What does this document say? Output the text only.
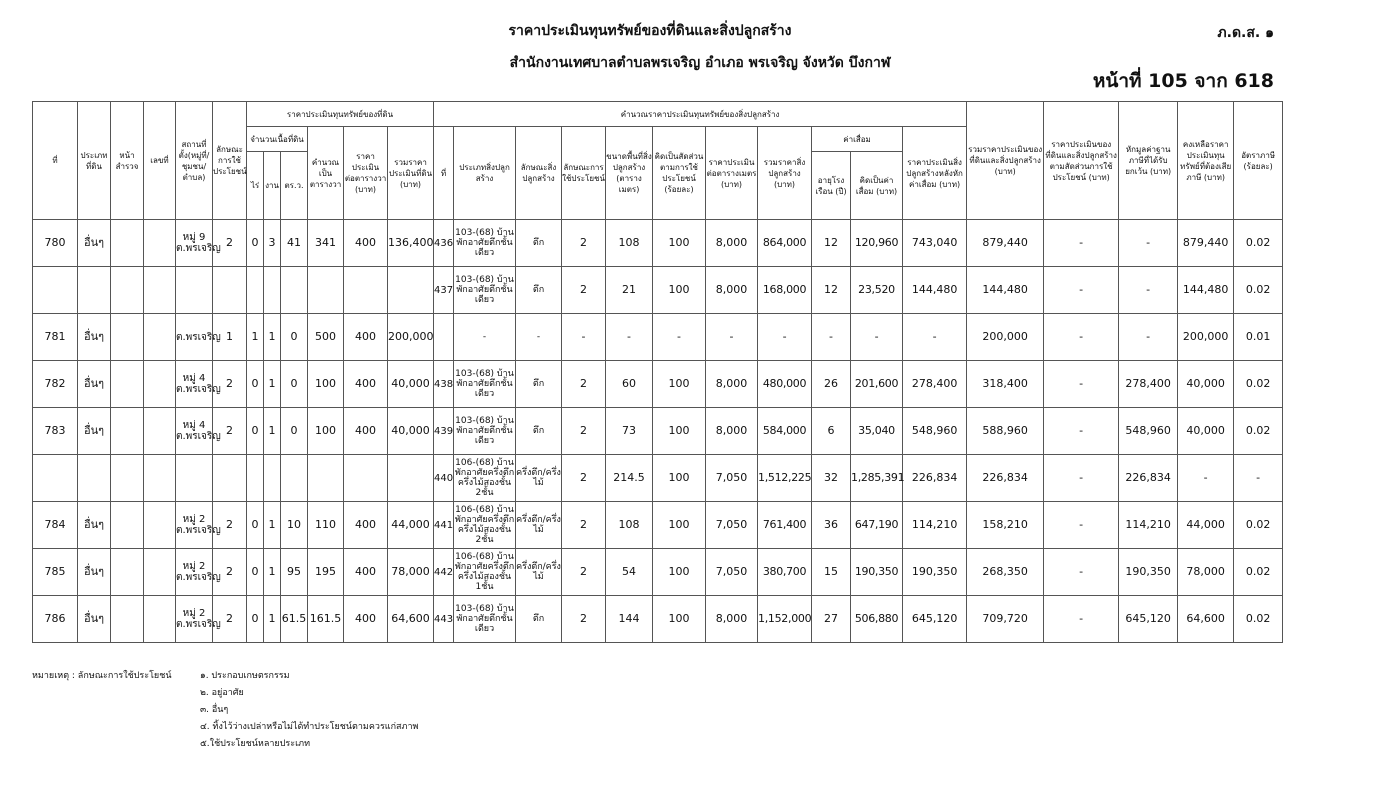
ราคาประเมินทุนทรัพย์ของที่ดินและสิ่งปลูกสร้าง	ภ.ด.ส. ๑
สำนักงานเทศบาลตำบลพรเจริญ อำเภอ พรเจริญ จังหวัด บึงกาฬ
หน้าที่ 105 จาก 618
ที่	ประเภทที่ดิน	หน้าสำรวจ	เลขที่	สถานที่ตั้ง(หมู่ที่/ชุมชน/ตำบล)	ลักษณะการใช้ประโยชน์	ราคาประเมินทุนทรัพย์ของที่ดิน						คำนวณราคาประเมินทุนทรัพย์ของสิ่งปลูกสร้าง											รวมราคาประเมินของที่ดินและสิ่งปลูกสร้าง (บาท)	ราคาประเมินของที่ดินและสิ่งปลูกสร้างตามสัดส่วนการใช้ประโยชน์ (บาท)	หักมูลค่าฐานภาษีที่ได้รับยกเว้น (บาท)	คงเหลือราคาประเมินทุนทรัพย์ที่ต้องเสียภาษี (บาท)	อัตราภาษี (ร้อยละ)
						จำนวนเนื้อที่ดิน			คำนวณเป็นตารางวา	ราคาประเมินต่อตารางวา (บาท)	รวมราคาประเมินที่ดิน (บาท)	ที่	ประเภทสิ่งปลูกสร้าง	ลักษณะสิ่งปลูกสร้าง	ลักษณะการใช้ประโยชน์	ขนาดพื้นที่สิ่งปลูกสร้าง (ตารางเมตร)	คิดเป็นสัดส่วนตามการใช้ประโยชน์ (ร้อยละ)	ราคาประเมินต่อตารางเมตร (บาท)	รวมราคาสิ่งปลูกสร้าง (บาท)	ค่าเสื่อม		ราคาประเมินสิ่งปลูกสร้างหลังหักค่าเสื่อม (บาท)					
						ไร่	งาน	ตร.ว.												อายุโรงเรือน (ปี)	คิดเป็นค่าเสื่อม (บาท)						
780	อื่นๆ			หมู่ 9 ต.พรเจริญ	2	0	3	41	341	400	136,400	436	103-(68) บ้านพักอาศัยตึกชั้นเดียว	ตึก	2	108	100	8,000	864,000	12	120,960	743,040	879,440	-	-	879,440	0.02
												437	103-(68) บ้านพักอาศัยตึกชั้นเดียว	ตึก	2	21	100	8,000	168,000	12	23,520	144,480	144,480	-	-	144,480	0.02
781	อื่นๆ			ต.พรเจริญ	1	1	1	0	500	400	200,000		-	-	-	-	-	-	-	-	-	-	200,000	-	-	200,000	0.01
782	อื่นๆ			หมู่ 4 ต.พรเจริญ	2	0	1	0	100	400	40,000	438	103-(68) บ้านพักอาศัยตึกชั้นเดียว	ตึก	2	60	100	8,000	480,000	26	201,600	278,400	318,400	-	278,400	40,000	0.02
783	อื่นๆ			หมู่ 4 ต.พรเจริญ	2	0	1	0	100	400	40,000	439	103-(68) บ้านพักอาศัยตึกชั้นเดียว	ตึก	2	73	100	8,000	584,000	6	35,040	548,960	588,960	-	548,960	40,000	0.02
												440	106-(68) บ้านพักอาศัยครึ่งตึกครึ่งไม้สองชั้น 2ชั้น	ครึ่งตึก/ครึ่งไม้	2	214.5	100	7,050	1,512,225	32	1,285,391	226,834	226,834	-	226,834	-	-
784	อื่นๆ			หมู่ 2 ต.พรเจริญ	2	0	1	10	110	400	44,000	441	106-(68) บ้านพักอาศัยครึ่งตึกครึ่งไม้สองชั้น 2ชั้น	ครึ่งตึก/ครึ่งไม้	2	108	100	7,050	761,400	36	647,190	114,210	158,210	-	114,210	44,000	0.02
785	อื่นๆ			หมู่ 2 ต.พรเจริญ	2	0	1	95	195	400	78,000	442	106-(68) บ้านพักอาศัยครึ่งตึกครึ่งไม้สองชั้น 1ชั้น	ครึ่งตึก/ครึ่งไม้	2	54	100	7,050	380,700	15	190,350	190,350	268,350	-	190,350	78,000	0.02
786	อื่นๆ			หมู่ 2 ต.พรเจริญ	2	0	1	61.5	161.5	400	64,600	443	103-(68) บ้านพักอาศัยตึกชั้นเดียว	ตึก	2	144	100	8,000	1,152,000	27	506,880	645,120	709,720	-	645,120	64,600	0.02
หมายเหตุ : ลักษณะการใช้ประโยชน์	๑. ประกอบเกษตรกรรม
๒. อยู่อาศัย
๓. อื่นๆ
๔. ทิ้งไว้ว่างเปล่าหรือไม่ได้ทำประโยชน์ตามควรแก่สภาพ
๕.ใช้ประโยชน์หลายประเภท
